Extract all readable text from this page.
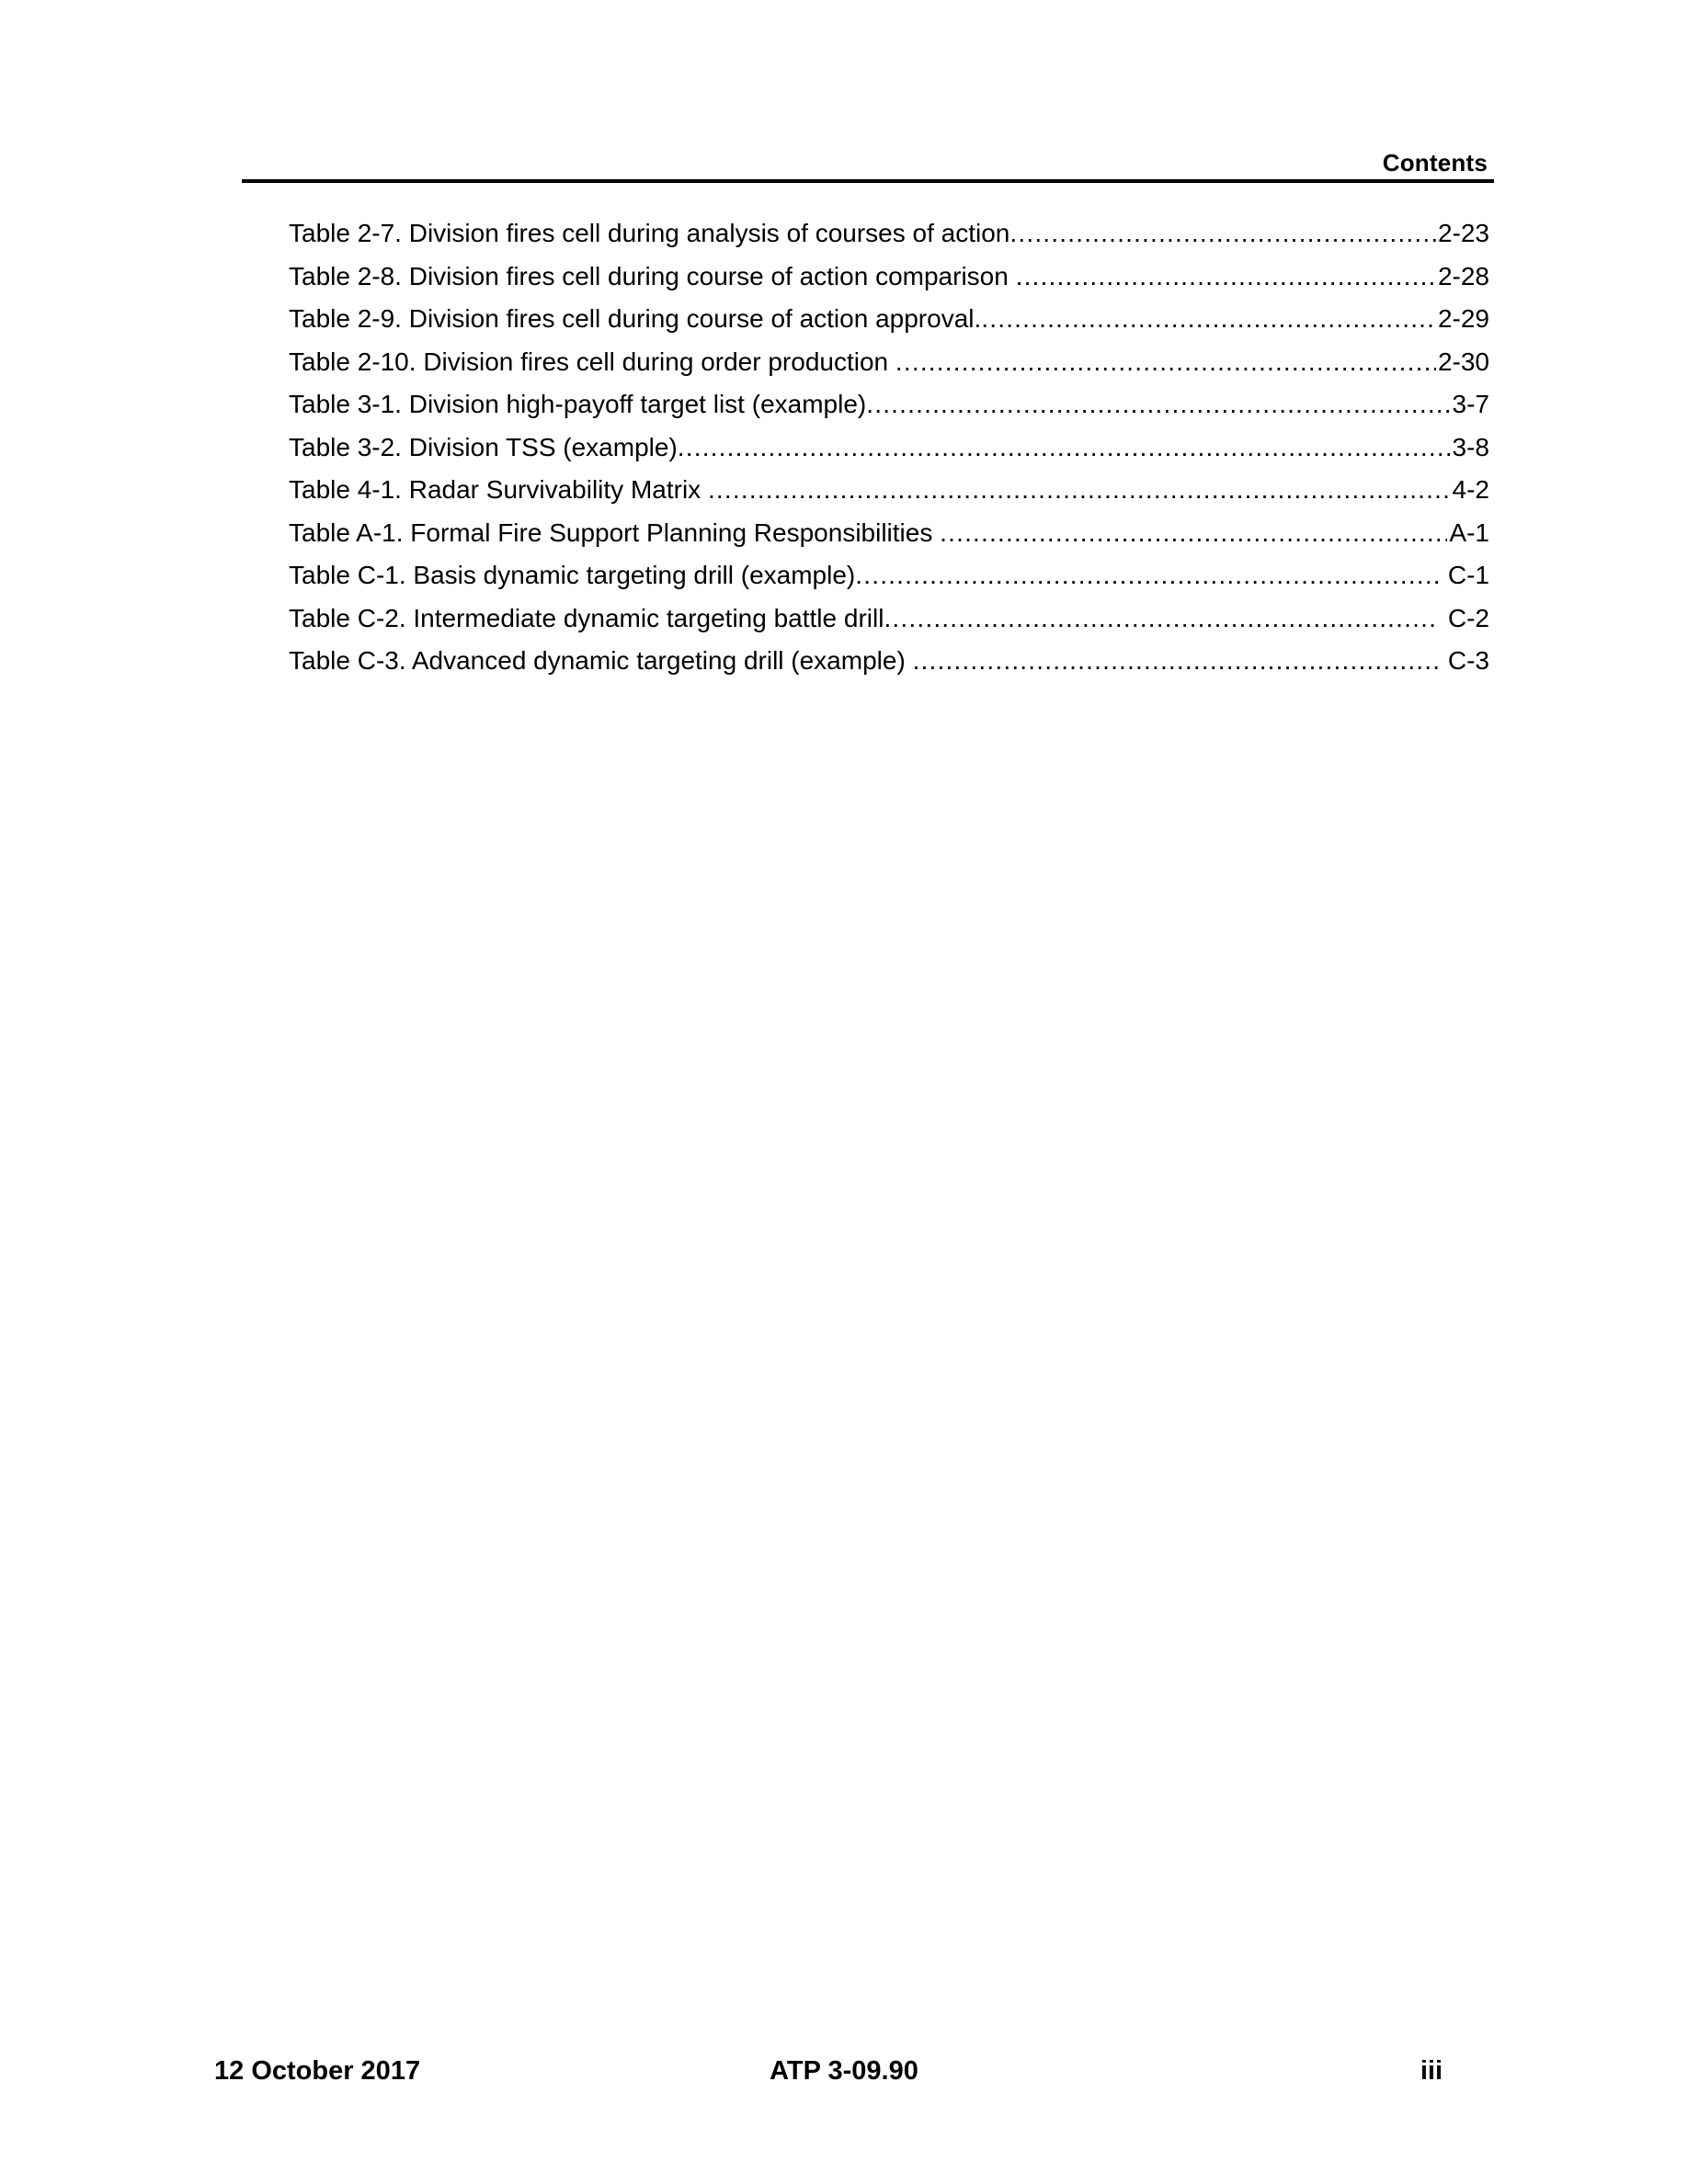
Contents
Table 2-7. Division fires cell during analysis of courses of action .....	2-23
Table 2-8. Division fires cell during course of action comparison .....	2-28
Table 2-9. Division fires cell during course of action approval. .....	2-29
Table 2-10. Division fires cell during order production .....	2-30
Table 3-1. Division high-payoff target list (example) .....	3-7
Table 3-2. Division TSS (example) .....	3-8
Table 4-1. Radar Survivability Matrix .....	4-2
Table A-1. Formal Fire Support Planning Responsibilities .....	A-1
Table C-1. Basis dynamic targeting drill (example) .....	C-1
Table C-2. Intermediate dynamic targeting battle drill .....	C-2
Table C-3. Advanced dynamic targeting drill (example) .....	C-3
12 October 2017	ATP 3-09.90	iii
